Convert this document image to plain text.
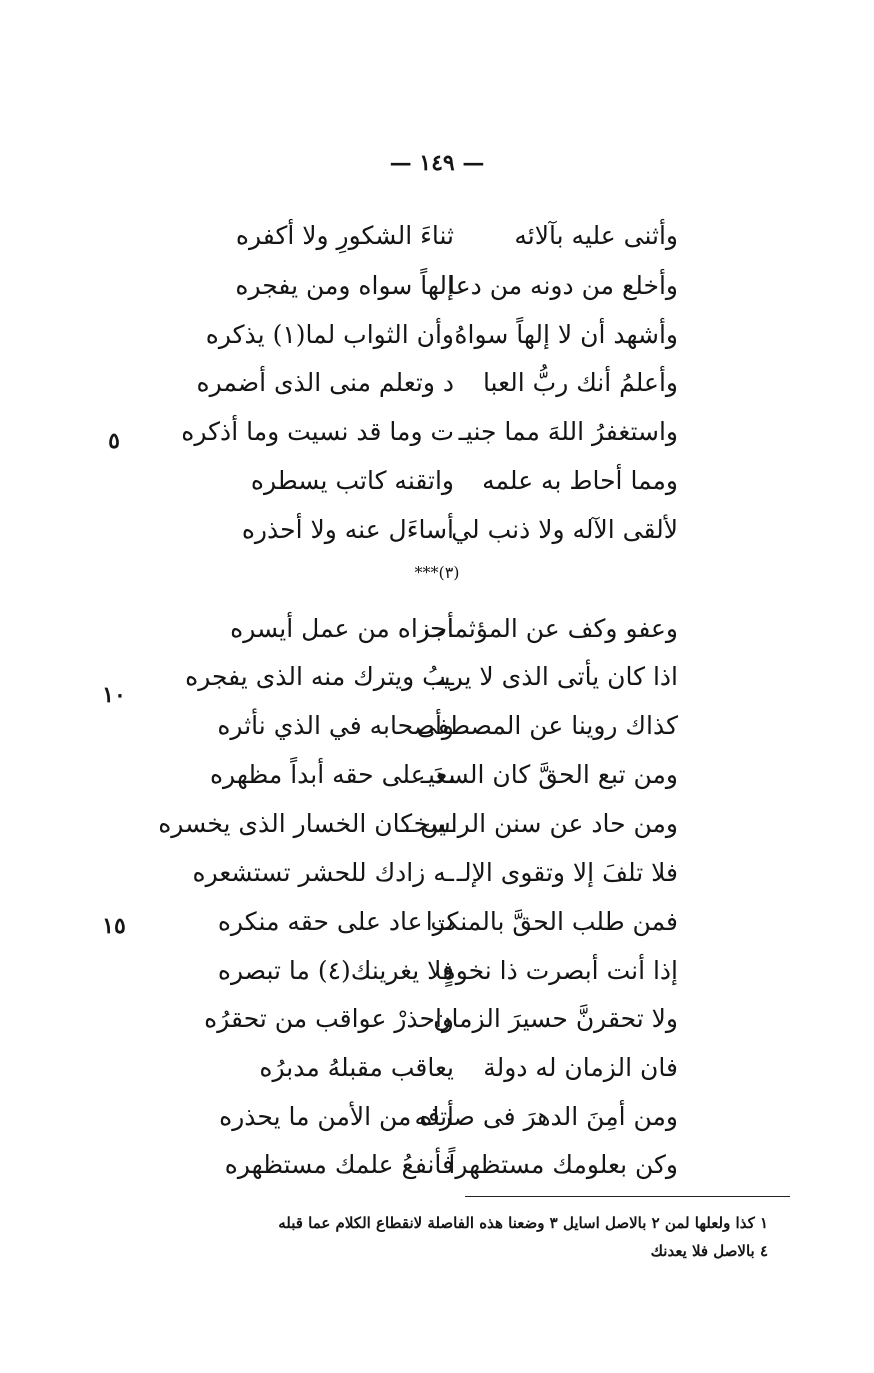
— ١٤٩ —
وأثنى عليه بآلائه
ثناءَ الشكورِ ولا أكفره
وأخلع من دونه من دعا
إلهاً سواه ومن يفجره
وأشهد أن لا إلهاً سواهُ
وأن الثواب لما(١) يذكره
وأعلمُ أنك ربُّ العبا
د وتعلم منى الذى أضمره
واستغفرُ اللهَ مما جنيـ
ت وما قد نسيت وما أذكره
ومما أحاط به علمه
واتقنه كاتب يسطره
لألقى الآله ولا ذنب لي
أساءَل عنه ولا أحذره
وعفو وكف عن المؤثمات
أجزاه من عمل أيسره
اذا كان يأتى الذى لا يريـ
ـبُ ويترك منه الذى يفجره
كذاك روينا عن المصطفى
وأصحابه في الذي نأثره
ومن تبع الحقَّ كان السعيـ
ـدَ على حقه أبداً مظهره
ومن حاد عن سنن الراسخـ
ـين كان الخسار الذى يخسره
فلا تلفَ إلا وتقوى الإلـ
ـه زادك للحشر تستشعره
فمن طلب الحقَّ بالمنكرا
ت عاد على حقه منكره
إذا أنت أبصرت ذا نخوةٍ
فلا يغرينك(٤) ما تبصره
ولا تحقرنَّ حسيرَ الزمان
واحذرْ عواقب من تحقرُه
فان الزمان له دولة
يعاقب مقبلهُ مدبرُه
ومن أمِنَ الدهرَ فى صرفه
أتاه من الأمن ما يحذره
وكن بعلومك مستظهراً
فأنفعُ علمك مستظهره
(٣)***
٥
١٠
١٥
١ كذا ولعلها لمن ٢ بالاصل اسايل ٣ وضعنا هذه الفاصلة لانقطاع الكلام عما قبله
٤ بالاصل فلا يعدنك
